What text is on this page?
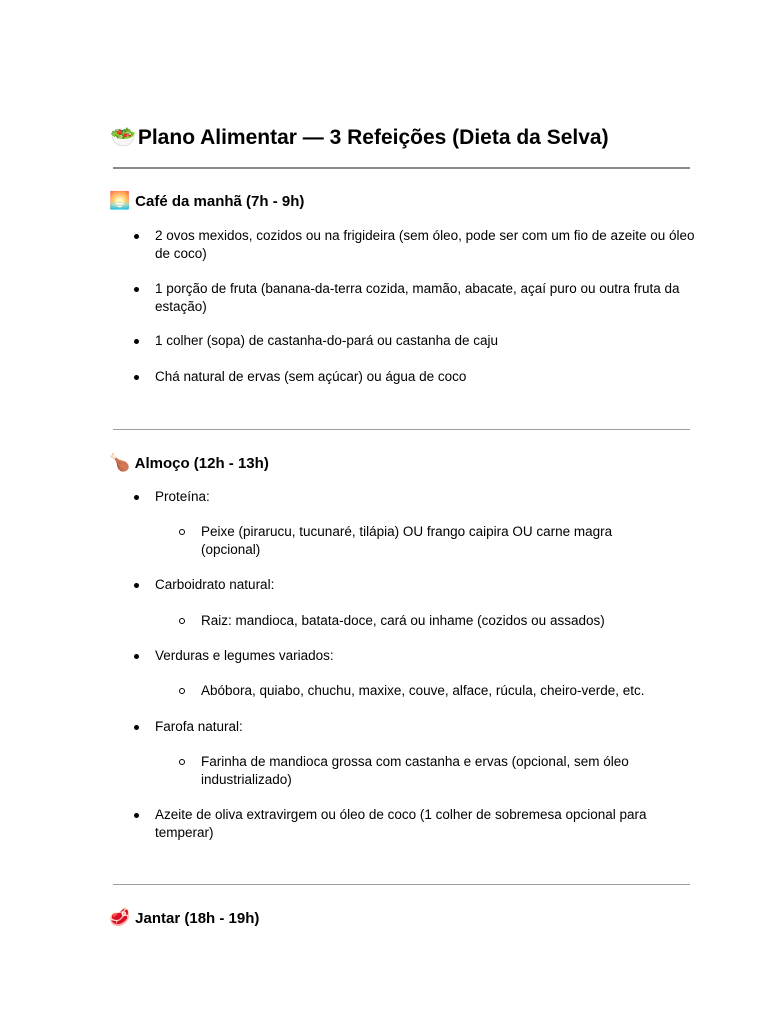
🥗 Plano Alimentar — 3 Refeições (Dieta da Selva)
🌅 Café da manhã (7h - 9h)
2 ovos mexidos, cozidos ou na frigideira (sem óleo, pode ser com um fio de azeite ou óleo de coco)
1 porção de fruta (banana-da-terra cozida, mamão, abacate, açaí puro ou outra fruta da estação)
1 colher (sopa) de castanha-do-pará ou castanha de caju
Chá natural de ervas (sem açúcar) ou água de coco
🍗 Almoço (12h - 13h)
Proteína:
Peixe (pirarucu, tucunaré, tilápia) OU frango caipira OU carne magra (opcional)
Carboidrato natural:
Raiz: mandioca, batata-doce, cará ou inhame (cozidos ou assados)
Verduras e legumes variados:
Abóbora, quiabo, chuchu, maxixe, couve, alface, rúcula, cheiro-verde, etc.
Farofa natural:
Farinha de mandioca grossa com castanha e ervas (opcional, sem óleo industrializado)
Azeite de oliva extravirgem ou óleo de coco (1 colher de sobremesa opcional para temperar)
🥩 Jantar (18h - 19h)
